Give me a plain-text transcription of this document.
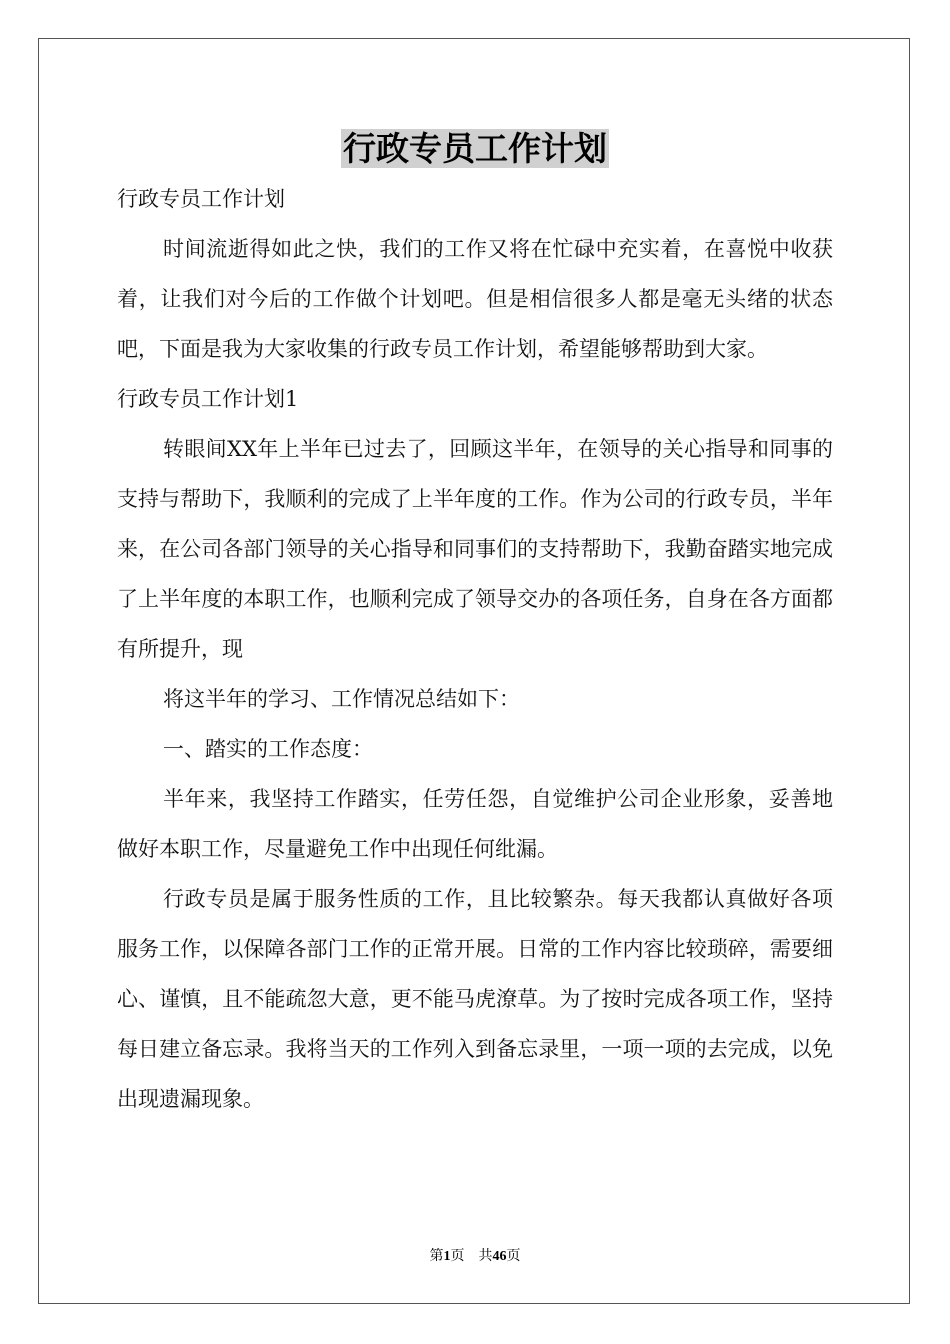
行政专员工作计划

行政专员工作计划

时间流逝得如此之快，我们的工作又将在忙碌中充实着，在喜悦中收获着，让我们对今后的工作做个计划吧。但是相信很多人都是毫无头绪的状态吧，下面是我为大家收集的行政专员工作计划，希望能够帮助到大家。

行政专员工作计划1

转眼间XX年上半年已过去了，回顾这半年，在领导的关心指导和同事的支持与帮助下，我顺利的完成了上半年度的工作。作为公司的行政专员，半年来，在公司各部门领导的关心指导和同事们的支持帮助下，我勤奋踏实地完成了上半年度的本职工作，也顺利完成了领导交办的各项任务，自身在各方面都有所提升，现

将这半年的学习、工作情况总结如下：

一、踏实的工作态度：

半年来，我坚持工作踏实，任劳任怨，自觉维护公司企业形象，妥善地做好本职工作，尽量避免工作中出现任何纰漏。

行政专员是属于服务性质的工作，且比较繁杂。每天我都认真做好各项服务工作，以保障各部门工作的正常开展。日常的工作内容比较琐碎，需要细心、谨慎，且不能疏忽大意，更不能马虎潦草。为了按时完成各项工作，坚持每日建立备忘录。我将当天的工作列入到备忘录里，一项一项的去完成，以免出现遗漏现象。

第1页　共46页
